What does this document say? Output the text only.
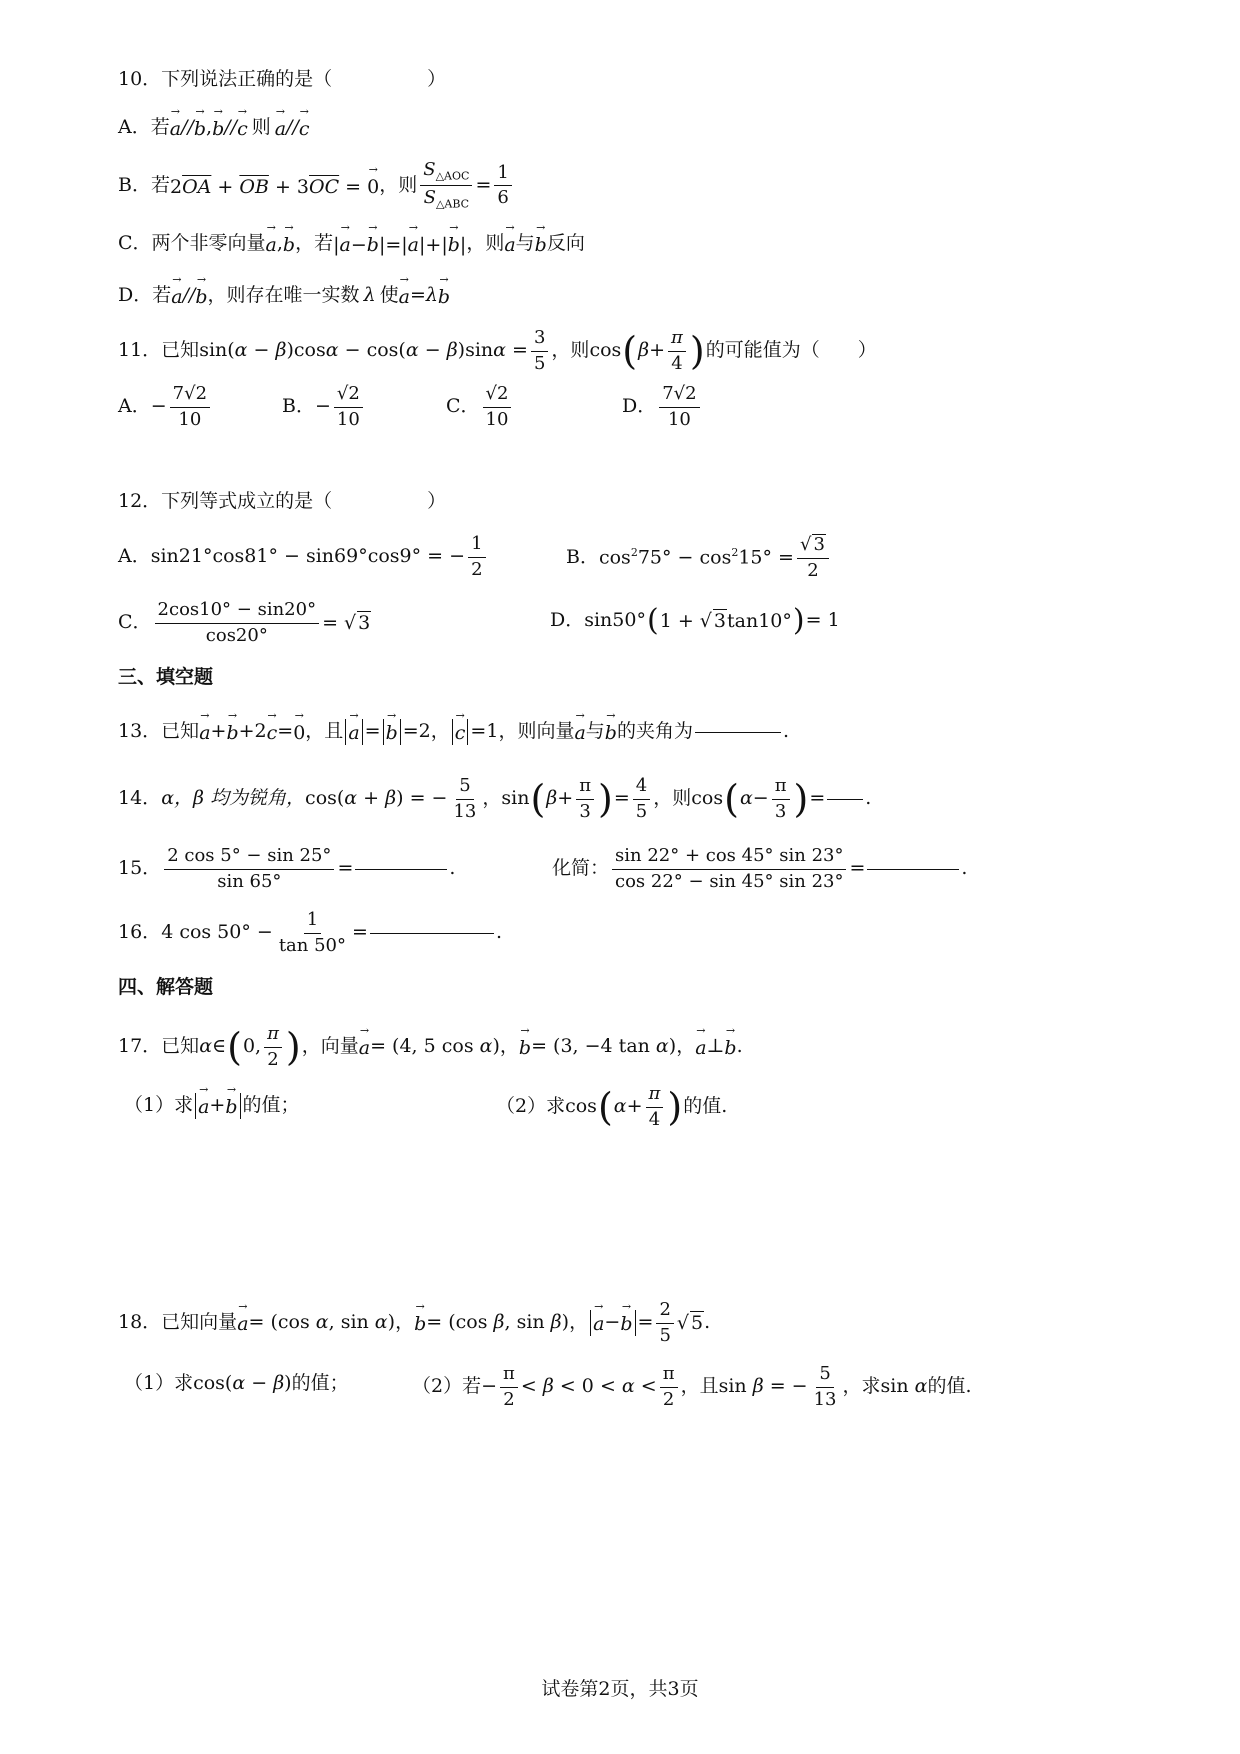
10．下列说法正确的是（　　　　　）
A．若 → a // → b , → b // → c 则 → a // → c
B．若 $2\overline{OA} + \overline{OB} + 3\overline{OC}$ = → 0 ，则 $\frac{S_{\triangle AOC}}{S_{\triangle ABC}} = \frac{1}{6}$
C．两个非零向量 → a , → b ，若 |→ a−→ b|=|→ a|+|→ b| ，则 → a 与 → b 反向
D．若 → a // → b ，则存在唯一实数 λ 使 → a = λ → b
11．已知 $\sin(\alpha - \beta)\cos\alpha - \cos(\alpha - \beta)\sin\alpha = \frac{3}{5}$ ，则 cos ( $\beta + \frac{\pi}{4}$ ) 的可能值为（　　）
A． − $\frac{7√2}{10}$	B． − $\frac{√2}{10}$	C． $\frac{√2}{10}$	D． $\frac{7√2}{10}$
12．下列等式成立的是（　　　　　）
A． sin21°cos81° − sin69°cos9° = − $\frac{1}{2}$	B． $\cos^275^\circ - \cos^215^\circ = \frac{√ 3}{2}$
C． $\frac{2\cos 10^\circ - \sin 20^\circ}{\cos 20^\circ}$ = √ 3	D． sin50° ( 1 + √ 3tan10° ) = 1
三、填空题
13．已知 → a + → b +2 → c = → 0 ，且 → a = → b =2 ， → c =1 ，则向量 → a 与 → b 的夹角为	.
14． α，β 均为锐角， cos(α + β) = − $\frac{5}{13}$ ， sin ( $\beta + \frac{\pi}{3}$ ) = $\frac{4}{5}$ ，则 cos ( $\alpha - \frac{\pi}{3}$ ) = .
15． $\frac{2 \cos 5^\circ - \sin 25^\circ}{\sin 65^\circ}$ =	.	化简： $\frac{\sin 22^\circ + \cos 45^\circ \sin 23^\circ}{\cos 22^\circ - \sin 45^\circ \sin 23^\circ}$ =	.
16． 4 $\cos 50^\circ - \frac{1}{\tan 50^\circ}$ =	.
四、解答题
17．已知 α ∈ ( 0, $\frac{\pi}{2}$ ) ，向量 → a = (4, 5 cos α) ， → b = (3, −4 tan α) ， → a ⊥ → b .
（1）求 → a + → b 的值；	（2）求 cos ( $\alpha + \frac{\pi}{4}$ ) 的值.
18．已知向量 → a = (cos α, sin α) ， → b = (cos β, sin β) ， → a − → $b = \frac{2}{5}$ √ 5 .
（1）求 cos(α − β) 的值；	（2）若 − $\frac{\pi}{2} < \beta < 0 < \alpha < \frac{\pi}{2}$ ，且 sin β = − $\frac{5}{13}$ ，求 sin α 的值.
试卷第2页，共3页
